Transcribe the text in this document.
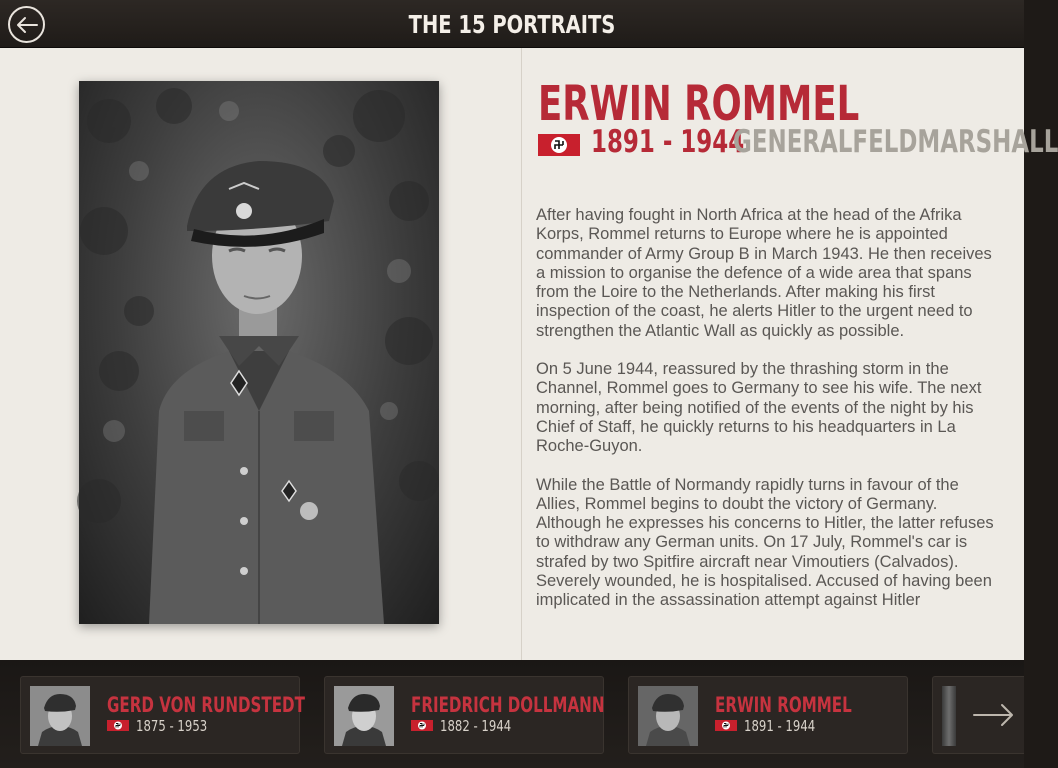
THE 15 PORTRAITS
ERWIN ROMMEL
1891 - 1944
GENERALFELDMARSHALL

After having fought in North Africa at the head of the Afrika Korps, Rommel returns to Europe where he is appointed commander of Army Group B in March 1943. He then receives a mission to organise the defence of a wide area that spans from the Loire to the Netherlands. After making his first inspection of the coast, he alerts Hitler to the urgent need to strengthen the Atlantic Wall as quickly as possible.

On 5 June 1944, reassured by the thrashing storm in the Channel, Rommel goes to Germany to see his wife. The next morning, after being notified of the events of the night by his Chief of Staff, he quickly returns to his headquarters in La Roche-Guyon.

While the Battle of Normandy rapidly turns in favour of the Allies, Rommel begins to doubt the victory of Germany. Although he expresses his concerns to Hitler, the latter refuses to withdraw any German units. On 17 July, Rommel's car is strafed by two Spitfire aircraft near Vimoutiers (Calvados). Severely wounded, he is hospitalised. Accused of having been implicated in the assassination attempt against Hitler

GERD VON RUNDSTEDT
1875 - 1953
FRIEDRICH DOLLMANN
1882 - 1944
ERWIN ROMMEL
1891 - 1944
